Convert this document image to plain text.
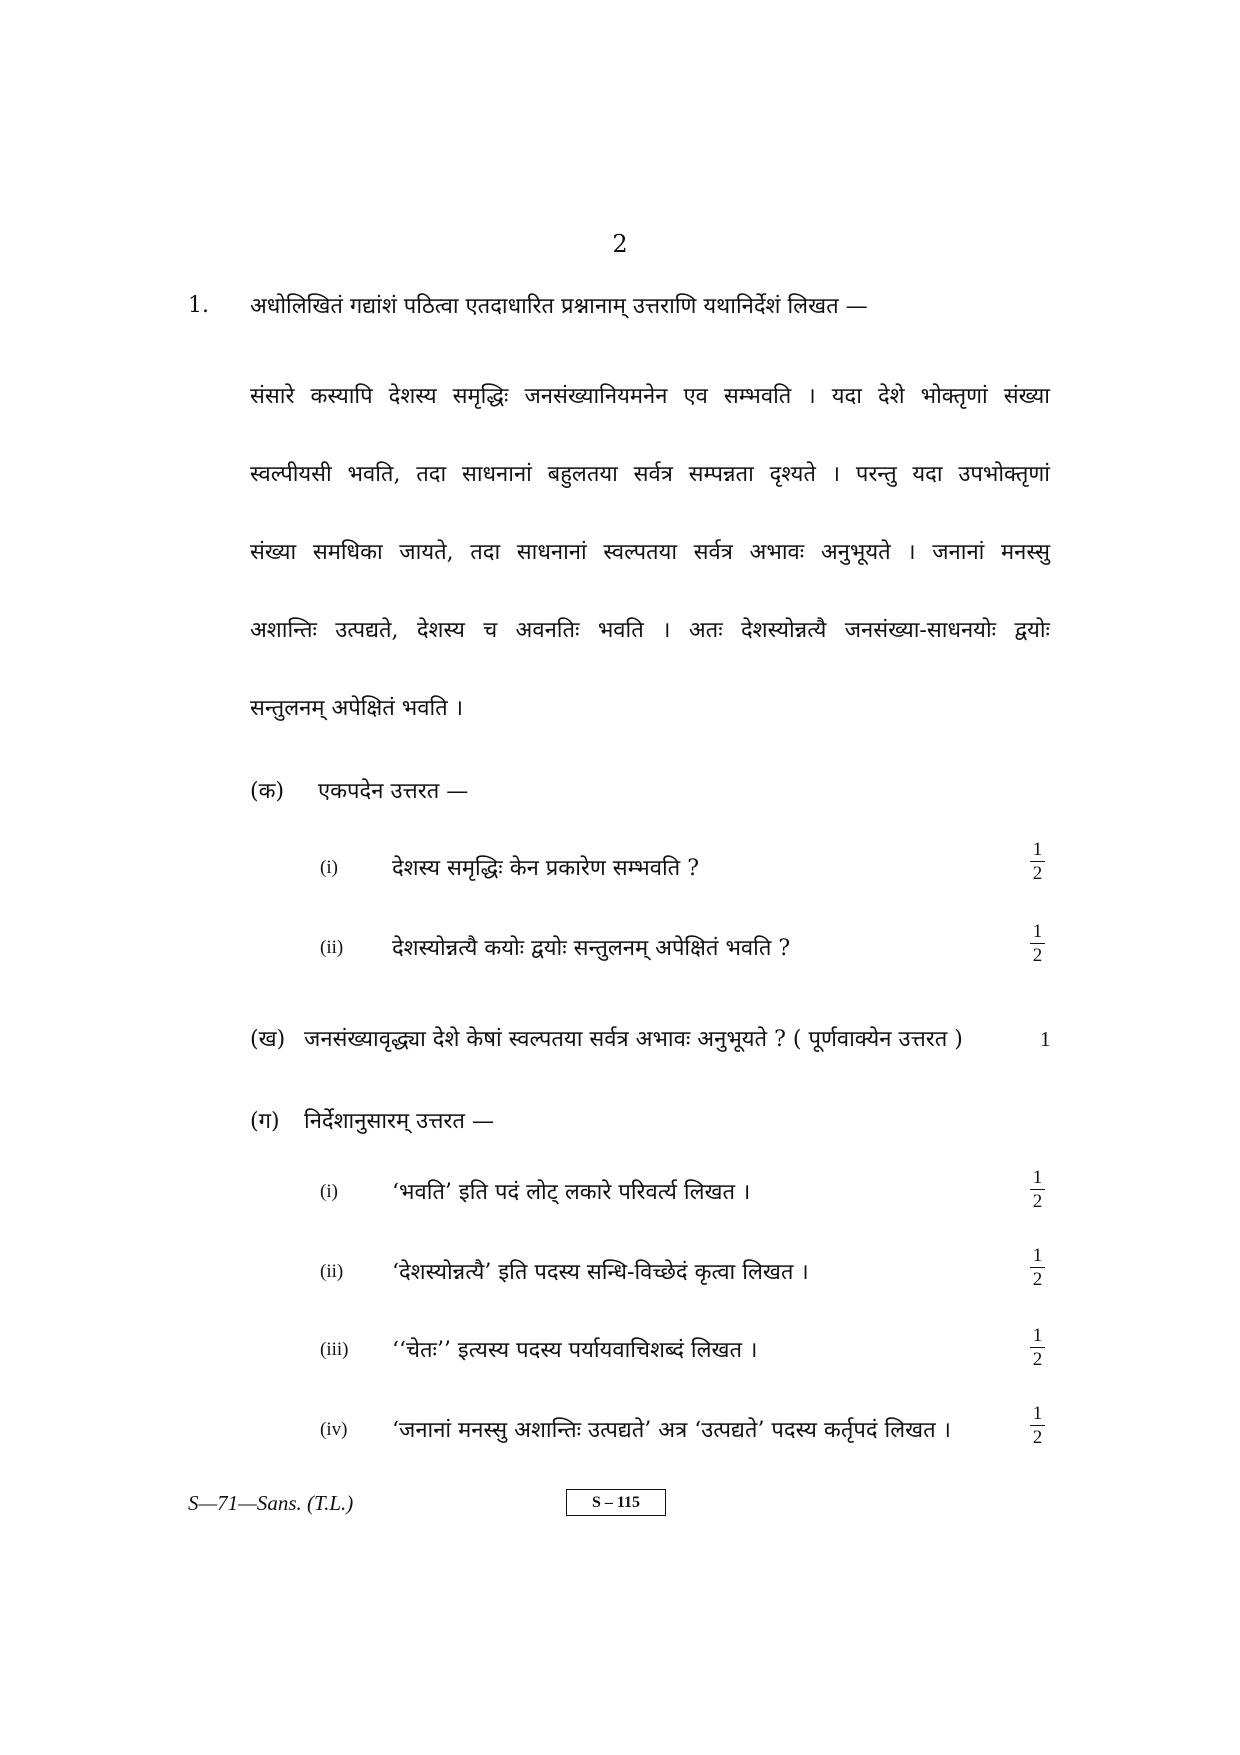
2
1. अधोलिखितं गद्यांशं पठित्वा एतदाधारित प्रश्नानाम् उत्तराणि यथानिर्देशं लिखत —
संसारे कस्यापि देशस्य समृद्धिः जनसंख्यानियमनेन एव सम्भवति । यदा देशे भोक्तृणां संख्या
स्वल्पीयसी भवति, तदा साधनानां बहुलतया सर्वत्र सम्पन्नता दृश्यते । परन्तु यदा उपभोक्तृणां
संख्या समधिका जायते, तदा साधनानां स्वल्पतया सर्वत्र अभावः अनुभूयते । जनानां मनस्सु
अशान्तिः उत्पद्यते, देशस्य च अवनतिः भवति । अतः देशस्योन्नत्यै जनसंख्या-साधनयोः द्वयोः
सन्तुलनम् अपेक्षितं भवति ।
(क) एकपदेन उत्तरत —
(i) देशस्य समृद्धिः केन प्रकारेण सम्भवति ?
1
2
(ii) देशस्योन्नत्यै कयोः द्वयोः सन्तुलनम् अपेक्षितं भवति ?
1
2
(ख) जनसंख्यावृद्ध्या देशे केषां स्वल्पतया सर्वत्र अभावः अनुभूयते ? ( पूर्णवाक्येन उत्तरत )	1
(ग) निर्देशानुसारम् उत्तरत —
(i) ‘भवति’ इति पदं लोट् लकारे परिवर्त्य लिखत ।
1
2
(ii) ‘देशस्योन्नत्यै’ इति पदस्य सन्धि-विच्छेदं कृत्वा लिखत ।
1
2
(iii) ‘‘चेतः’’ इत्यस्य पदस्य पर्यायवाचिशब्दं लिखत ।
1
2
(iv) ‘जनानां मनस्सु अशान्तिः उत्पद्यते’ अत्र ‘उत्पद्यते’ पदस्य कर्तृपदं लिखत ।
1
2
S—71—Sans. (T.L.)	S – 115
